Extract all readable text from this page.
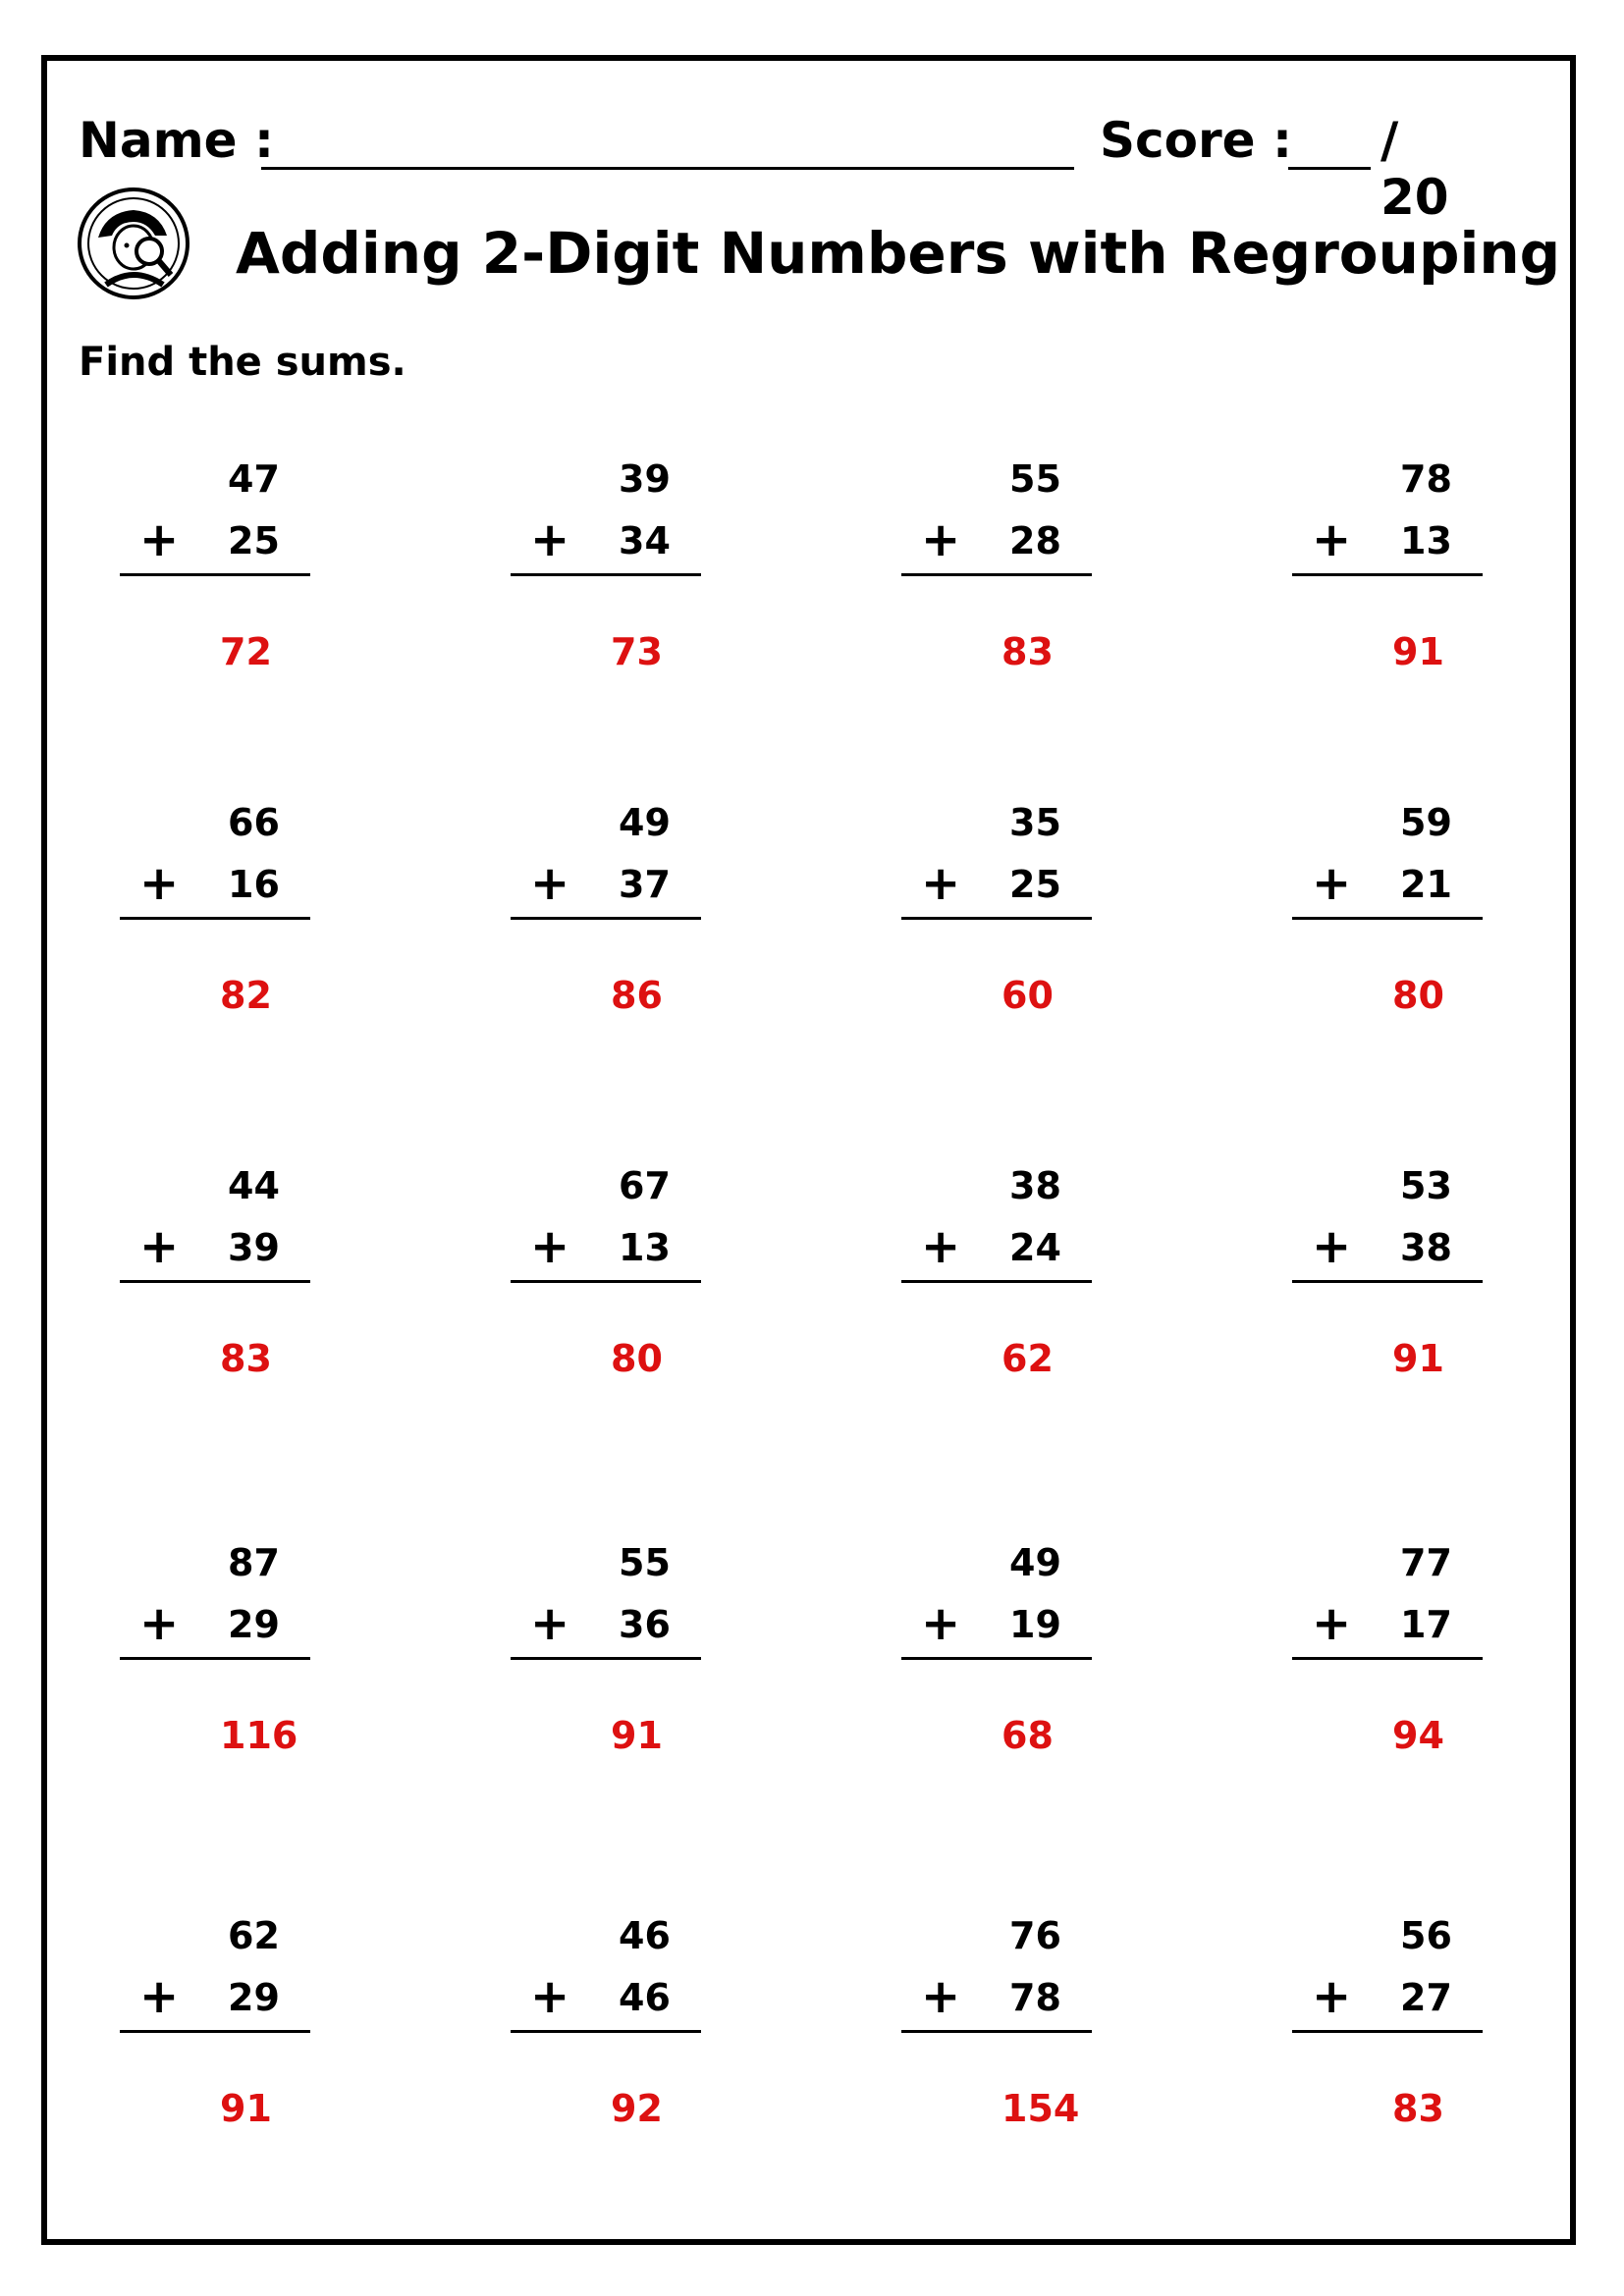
Name :	Score : / 20
Adding 2-Digit Numbers with Regrouping
Find the sums.
47
+ 25
72
39
+ 34
73
55
+ 28
83
78
+ 13
91
66
+ 16
82
49
+ 37
86
35
+ 25
60
59
+ 21
80
44
+ 39
83
67
+ 13
80
38
+ 24
62
53
+ 38
91
87
+ 29
116
55
+ 36
91
49
+ 19
68
77
+ 17
94
62
+ 29
91
46
+ 46
92
76
+ 78
154
56
+ 27
83
